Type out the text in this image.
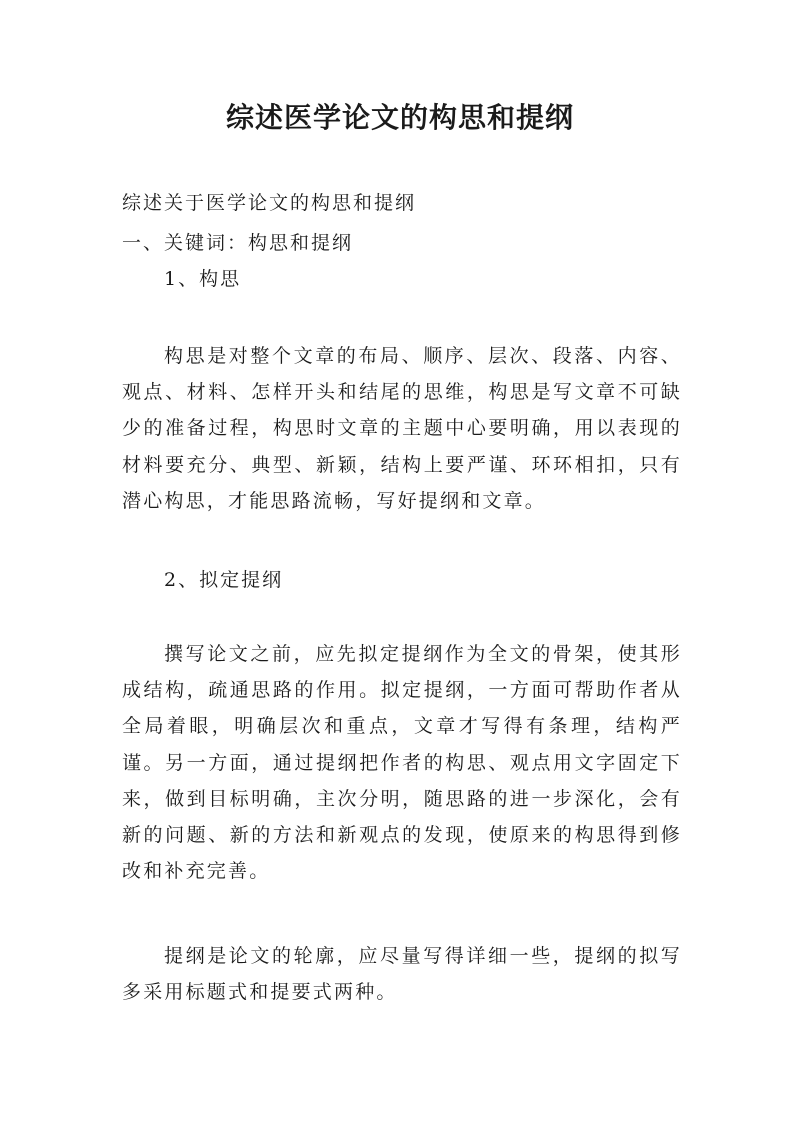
综述医学论文的构思和提纲
综述关于医学论文的构思和提纲
一、关键词：构思和提纲
1、构思
构思是对整个文章的布局、顺序、层次、段落、内容、观点、材料、怎样开头和结尾的思维，构思是写文章不可缺少的准备过程，构思时文章的主题中心要明确，用以表现的材料要充分、典型、新颖，结构上要严谨、环环相扣，只有潜心构思，才能思路流畅，写好提纲和文章。
2、拟定提纲
撰写论文之前，应先拟定提纲作为全文的骨架，使其形成结构，疏通思路的作用。拟定提纲，一方面可帮助作者从全局着眼，明确层次和重点，文章才写得有条理，结构严谨。另一方面，通过提纲把作者的构思、观点用文字固定下来，做到目标明确，主次分明，随思路的进一步深化，会有新的问题、新的方法和新观点的发现，使原来的构思得到修改和补充完善。
提纲是论文的轮廓，应尽量写得详细一些，提纲的拟写多采用标题式和提要式两种。
